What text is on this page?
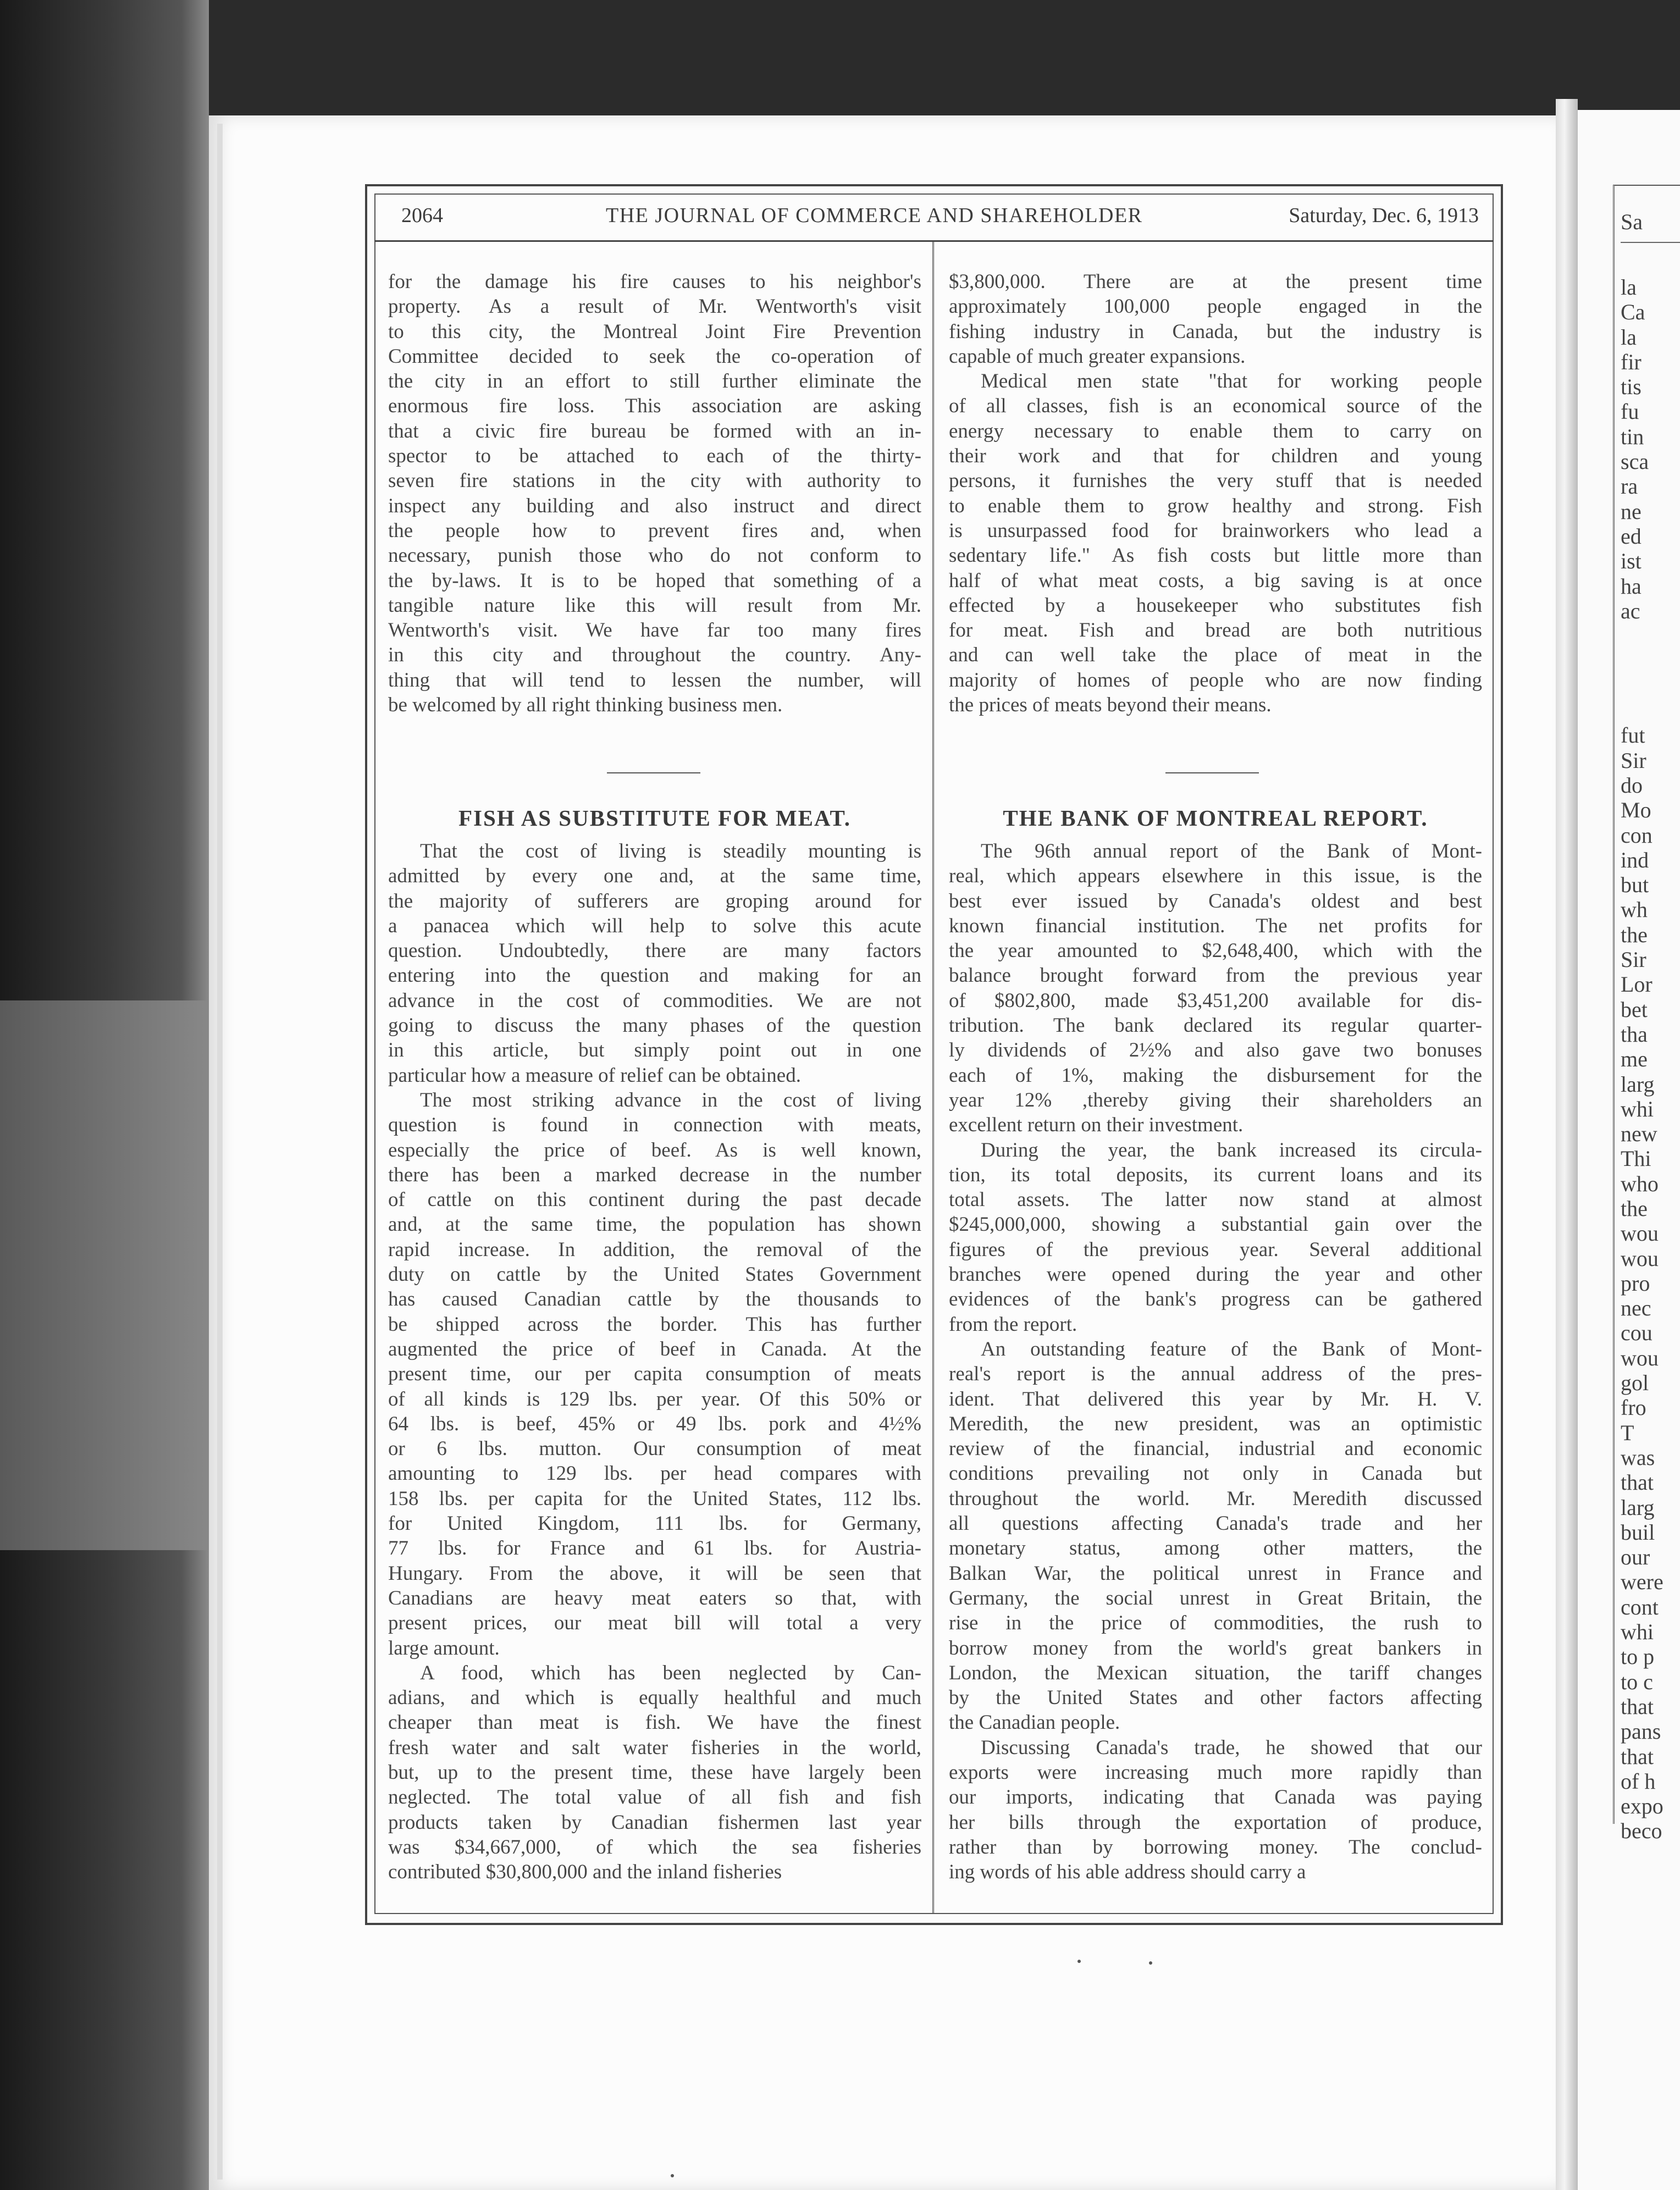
Sa
la
Ca
la
fir
tis
fu
tin
sca
ra
ne
ed
ist
ha
ac
fut
Sir
do
Mo
con
ind
but
wh
the
Sir
Lor
bet
tha
me
larg
whi
new
Thi
who
the
wou
wou
pro
nec
cou
wou
gol
fro
T
was
that
larg
buil
our
were
cont
whi
to p
to c
that
pans
that
of h
expo
beco
2064	THE JOURNAL OF COMMERCE AND SHAREHOLDER	Saturday, Dec. 6, 1913
for the damage his fire causes to his neighbor's
property. As a result of Mr. Wentworth's visit
to this city, the Montreal Joint Fire Prevention
Committee decided to seek the co-operation of
the city in an effort to still further eliminate the
enormous fire loss. This association are asking
that a civic fire bureau be formed with an in-
spector to be attached to each of the thirty-
seven fire stations in the city with authority to
inspect any building and also instruct and direct
the people how to prevent fires and, when
necessary, punish those who do not conform to
the by-laws. It is to be hoped that something of a
tangible nature like this will result from Mr.
Wentworth's visit. We have far too many fires
in this city and throughout the country. Any-
thing that will tend to lessen the number, will
be welcomed by all right thinking business men.
FISH AS SUBSTITUTE FOR MEAT.
That the cost of living is steadily mounting is
admitted by every one and, at the same time,
the majority of sufferers are groping around for
a panacea which will help to solve this acute
question. Undoubtedly, there are many factors
entering into the question and making for an
advance in the cost of commodities. We are not
going to discuss the many phases of the question
in this article, but simply point out in one
particular how a measure of relief can be obtained.
The most striking advance in the cost of living
question is found in connection with meats,
especially the price of beef. As is well known,
there has been a marked decrease in the number
of cattle on this continent during the past decade
and, at the same time, the population has shown
rapid increase. In addition, the removal of the
duty on cattle by the United States Government
has caused Canadian cattle by the thousands to
be shipped across the border. This has further
augmented the price of beef in Canada. At the
present time, our per capita consumption of meats
of all kinds is 129 lbs. per year. Of this 50% or
64 lbs. is beef, 45% or 49 lbs. pork and 4½%
or 6 lbs. mutton. Our consumption of meat
amounting to 129 lbs. per head compares with
158 lbs. per capita for the United States, 112 lbs.
for United Kingdom, 111 lbs. for Germany,
77 lbs. for France and 61 lbs. for Austria-
Hungary. From the above, it will be seen that
Canadians are heavy meat eaters so that, with
present prices, our meat bill will total a very
large amount.
A food, which has been neglected by Can-
adians, and which is equally healthful and much
cheaper than meat is fish. We have the finest
fresh water and salt water fisheries in the world,
but, up to the present time, these have largely been
neglected. The total value of all fish and fish
products taken by Canadian fishermen last year
was $34,667,000, of which the sea fisheries
contributed $30,800,000 and the inland fisheries
$3,800,000. There are at the present time
approximately 100,000 people engaged in the
fishing industry in Canada, but the industry is
capable of much greater expansions.
Medical men state "that for working people
of all classes, fish is an economical source of the
energy necessary to enable them to carry on
their work and that for children and young
persons, it furnishes the very stuff that is needed
to enable them to grow healthy and strong. Fish
is unsurpassed food for brainworkers who lead a
sedentary life." As fish costs but little more than
half of what meat costs, a big saving is at once
effected by a housekeeper who substitutes fish
for meat. Fish and bread are both nutritious
and can well take the place of meat in the
majority of homes of people who are now finding
the prices of meats beyond their means.
THE BANK OF MONTREAL REPORT.
The 96th annual report of the Bank of Mont-
real, which appears elsewhere in this issue, is the
best ever issued by Canada's oldest and best
known financial institution. The net profits for
the year amounted to $2,648,400, which with the
balance brought forward from the previous year
of $802,800, made $3,451,200 available for dis-
tribution. The bank declared its regular quarter-
ly dividends of 2½% and also gave two bonuses
each of 1%, making the disbursement for the
year 12% ,thereby giving their shareholders an
excellent return on their investment.
During the year, the bank increased its circula-
tion, its total deposits, its current loans and its
total assets. The latter now stand at almost
$245,000,000, showing a substantial gain over the
figures of the previous year. Several additional
branches were opened during the year and other
evidences of the bank's progress can be gathered
from the report.
An outstanding feature of the Bank of Mont-
real's report is the annual address of the pres-
ident. That delivered this year by Mr. H. V.
Meredith, the new president, was an optimistic
review of the financial, industrial and economic
conditions prevailing not only in Canada but
throughout the world. Mr. Meredith discussed
all questions affecting Canada's trade and her
monetary status, among other matters, the
Balkan War, the political unrest in France and
Germany, the social unrest in Great Britain, the
rise in the price of commodities, the rush to
borrow money from the world's great bankers in
London, the Mexican situation, the tariff changes
by the United States and other factors affecting
the Canadian people.
Discussing Canada's trade, he showed that our
exports were increasing much more rapidly than
our imports, indicating that Canada was paying
her bills through the exportation of produce,
rather than by borrowing money. The conclud-
ing words of his able address should carry a
